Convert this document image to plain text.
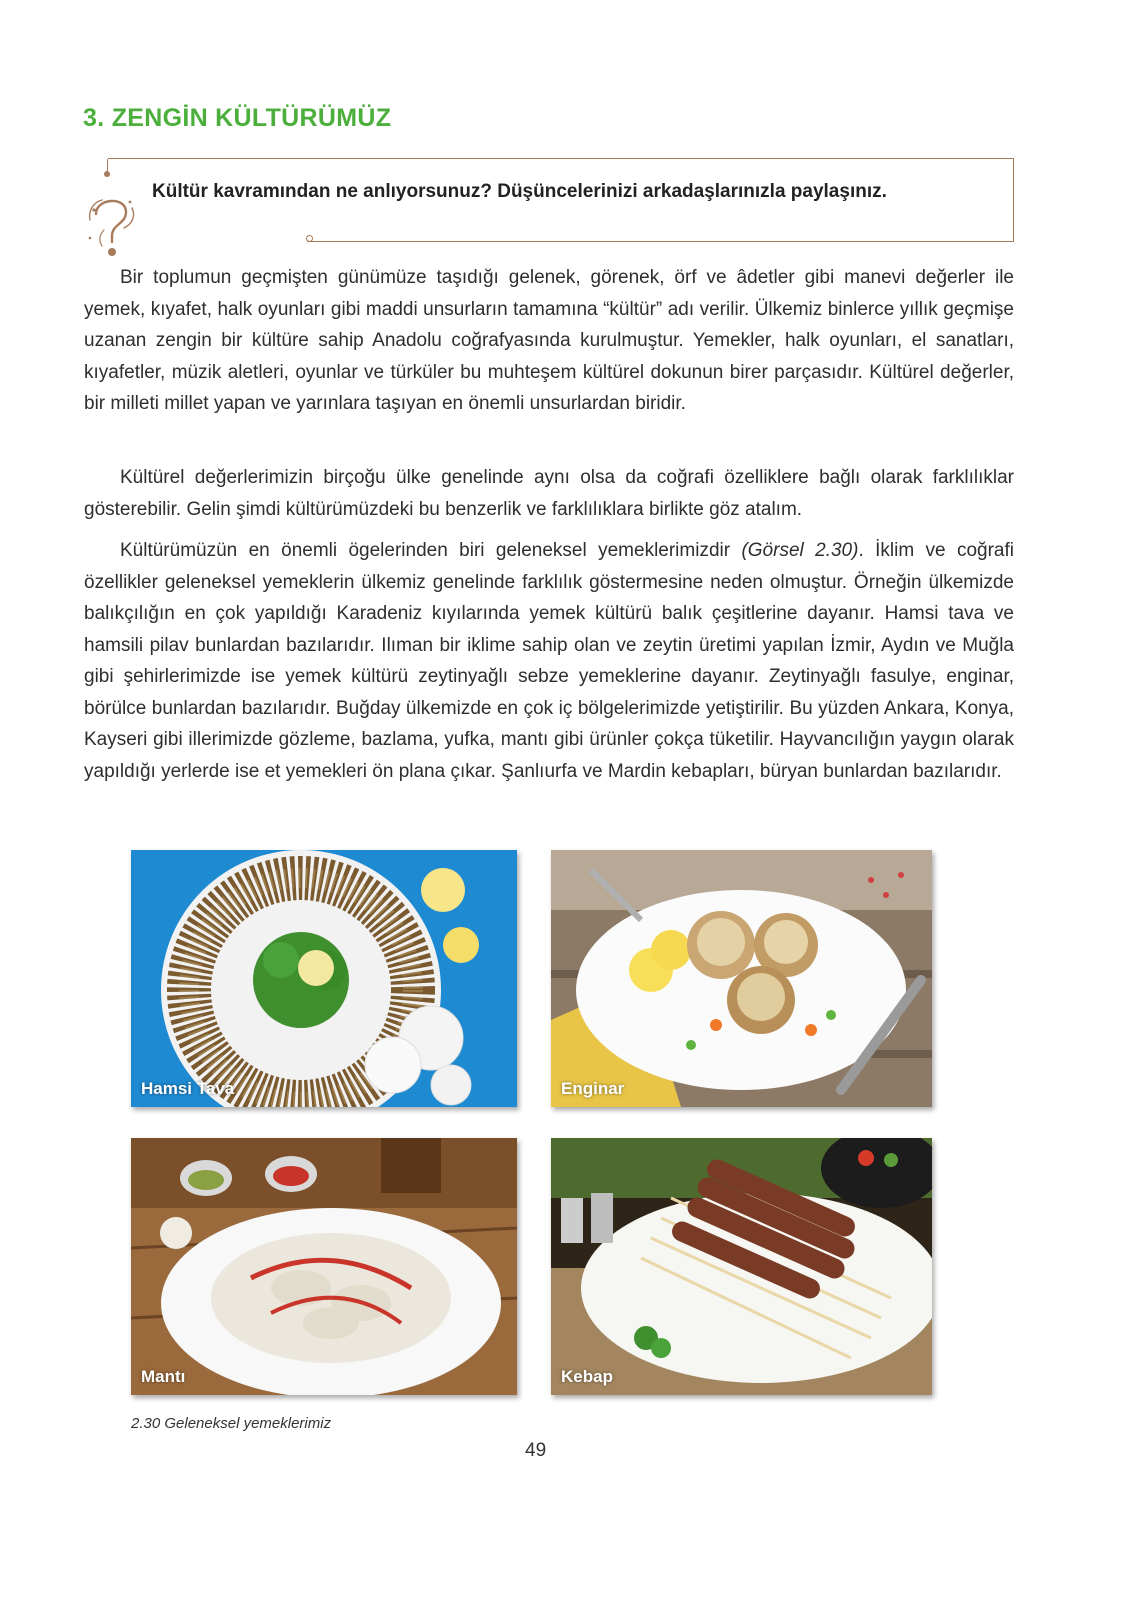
3. ZENGİN KÜLTÜRÜMÜZ

Kültür kavramından ne anlıyorsunuz? Düşüncelerinizi arkadaşlarınızla paylaşınız.

Bir toplumun geçmişten günümüze taşıdığı gelenek, görenek, örf ve âdetler gibi manevi değerler ile yemek, kıyafet, halk oyunları gibi maddi unsurların tamamına “kültür” adı verilir. Ülkemiz binlerce yıllık geçmişe uzanan zengin bir kültüre sahip Anadolu coğrafyasında kurulmuştur. Yemekler, halk oyunları, el sanatları, kıyafetler, müzik aletleri, oyunlar ve türküler bu muhteşem kültürel dokunun birer parçasıdır. Kültürel değerler, bir milleti millet yapan ve yarınlara taşıyan en önemli unsurlardan biridir.

Kültürel değerlerimizin birçoğu ülke genelinde aynı olsa da coğrafi özelliklere bağlı olarak farklılıklar gösterebilir. Gelin şimdi kültürümüzdeki bu benzerlik ve farklılıklara birlikte göz atalım.

Kültürümüzün en önemli ögelerinden biri geleneksel yemeklerimizdir (Görsel 2.30). İklim ve coğrafi özellikler geleneksel yemeklerin ülkemiz genelinde farklılık göstermesine neden olmuştur. Örneğin ülkemizde balıkçılığın en çok yapıldığı Karadeniz kıyılarında yemek kültürü balık çeşitlerine dayanır. Hamsi tava ve hamsili pilav bunlardan bazılarıdır. Ilıman bir iklime sahip olan ve zeytin üretimi yapılan İzmir, Aydın ve Muğla gibi şehirlerimizde ise yemek kültürü zeytinyağlı sebze yemeklerine dayanır. Zeytinyağlı fasulye, enginar, börülce bunlardan bazılarıdır. Buğday ülkemizde en çok iç bölgelerimizde yetiştirilir. Bu yüzden Ankara, Konya, Kayseri gibi illerimizde gözleme, bazlama, yufka, mantı gibi ürünler çokça tüketilir. Hayvancılığın yaygın olarak yapıldığı yerlerde ise et yemekleri ön plana çıkar. Şanlıurfa ve Mardin kebapları, büryan bunlardan bazılarıdır.

Hamsi Tava	Enginar
Mantı	Kebap

2.30 Geleneksel yemeklerimiz

49
